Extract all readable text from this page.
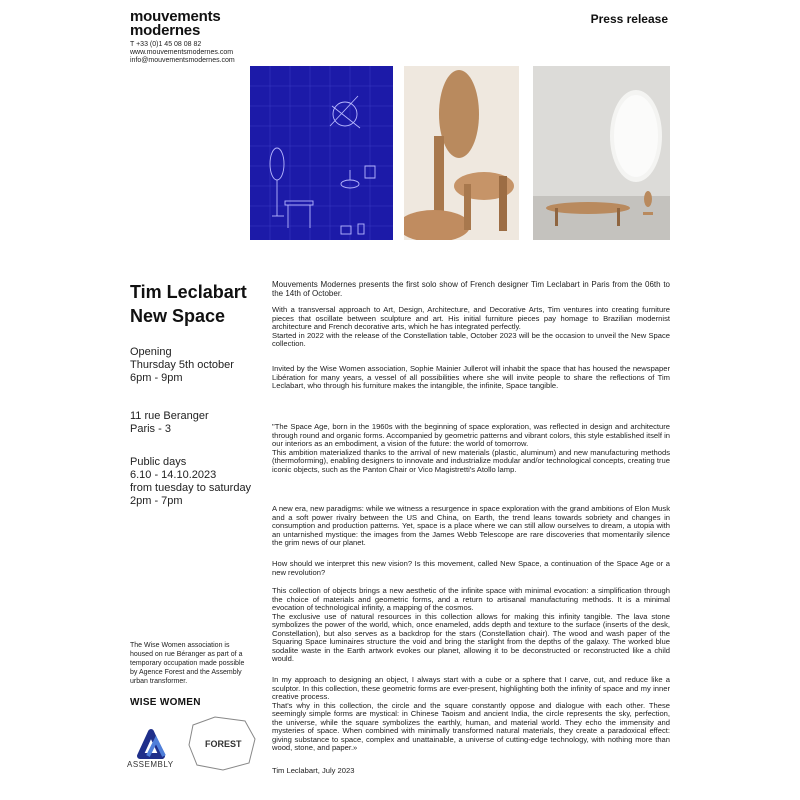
mouvements
modernes
T +33 (0)1 45 08 08 82
www.mouvementsmodernes.com
info@mouvementsmodernes.com
Press release
Tim Leclabart
New Space
Opening
Thursday 5th october
6pm - 9pm
11 rue Beranger
Paris - 3
Public days
6.10 - 14.10.2023
from tuesday to saturday
2pm - 7pm
The Wise Women association is housed on rue Béranger as part of a temporary occupation made possible by Agence Forest and the Assembly urban transformer.
WISE WOMEN
ASSEMBLY
FOREST

Mouvements Modernes presents the first solo show of French designer Tim Leclabart in Paris from the 06th to the 14th of October.

With a transversal approach to Art, Design, Architecture, and Decorative Arts, Tim ventures into creating furniture pieces that oscillate between sculpture and art. His initial furniture pieces pay homage to Brazilian modernist architecture and French decorative arts, which he has integrated perfectly.

Started in 2022 with the release of the Constellation table, October 2023 will be the occasion to unveil the New Space collection.

Invited by the Wise Women association, Sophie Mainier Jullerot will inhabit the space that has housed the newspaper Libération for many years, a vessel of all possibilities where she will invite people to share the reflections of Tim Leclabart, who through his furniture makes the intangible, the infinite, Space tangible.

"The Space Age, born in the 1960s with the beginning of space exploration, was reflected in design and architecture through round and organic forms. Accompanied by geometric patterns and vibrant colors, this style established itself in our interiors as an embodiment, a vision of the future: the world of tomorrow.

This ambition materialized thanks to the arrival of new materials (plastic, aluminum) and new manufacturing methods (thermoforming), enabling designers to innovate and industrialize modular and/or technological concepts, creating true iconic objects, such as the Panton Chair or Vico Magistretti's Atollo lamp.

A new era, new paradigms: while we witness a resurgence in space exploration with the grand ambitions of Elon Musk and a soft power rivalry between the US and China, on Earth, the trend leans towards sobriety and changes in consumption and production patterns. Yet, space is a place where we can still allow ourselves to dream, a utopia with an untarnished mystique: the images from the James Webb Telescope are rare discoveries that momentarily silence the grim news of our planet.
How should we interpret this new vision? Is this movement, called New Space, a continuation of the Space Age or a new revolution?

This collection of objects brings a new aesthetic of the infinite space with minimal evocation: a simplification through the choice of materials and geometric forms, and a return to artisanal manufacturing methods. It is a minimal evocation of technological infinity, a mapping of the cosmos.

The exclusive use of natural resources in this collection allows for making this infinity tangible. The lava stone symbolizes the power of the world, which, once enameled, adds depth and texture to the surface (inserts of the desk, Constellation), but also serves as a backdrop for the stars (Constellation chair). The wood and wash paper of the Squaring Space luminaires structure the void and bring the starlight from the depths of the galaxy. The worked blue sodalite waste in the Earth artwork evokes our planet, allowing it to be deconstructed or reconstructed like a child would.

In my approach to designing an object, I always start with a cube or a sphere that I carve, cut, and reduce like a sculptor. In this collection, these geometric forms are ever-present, highlighting both the infinity of space and my inner creative process.

That's why in this collection, the circle and the square constantly oppose and dialogue with each other. These seemingly simple forms are mystical: in Chinese Taoism and ancient India, the circle represents the sky, perfection, the universe, while the square symbolizes the earthly, human, and material world. They echo the immensity and mysteries of space. When combined with minimally transformed natural materials, they create a paradoxical effect: giving substance to space, complex and unattainable, a universe of cutting-edge technology, with nothing more than wood, stone, and paper.»

Tim Leclabart, July 2023
